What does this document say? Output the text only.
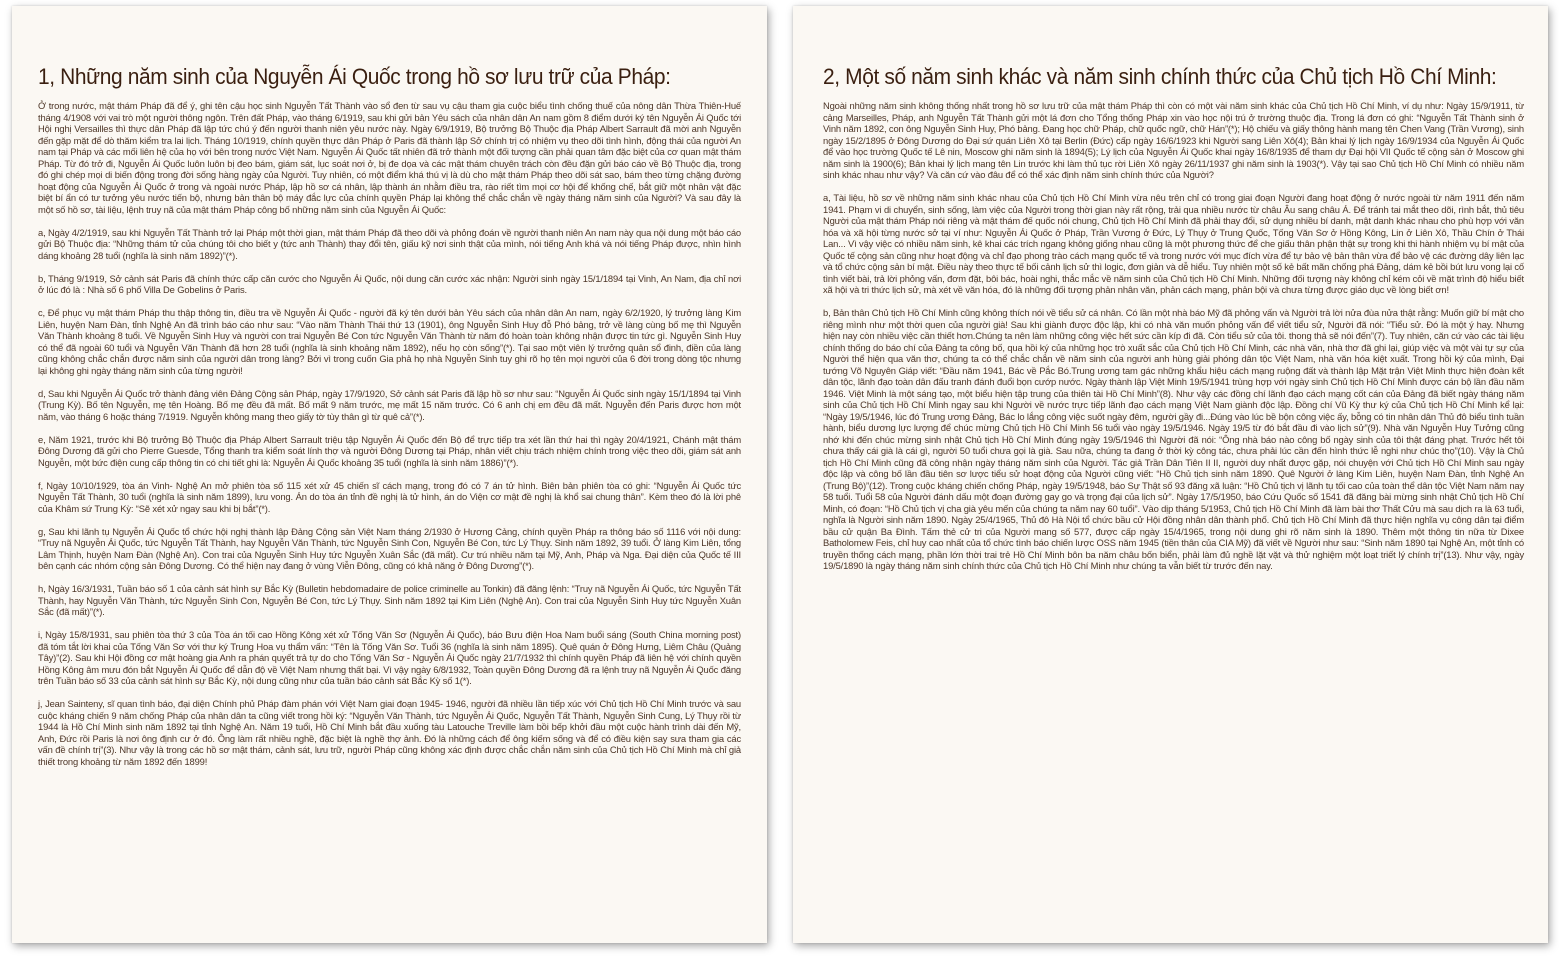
1, Những năm sinh của Nguyễn Ái Quốc trong hồ sơ lưu trữ của Pháp:

Ở trong nước, mật thám Pháp đã để ý, ghi tên cậu học sinh Nguyễn Tất Thành vào sổ đen từ sau vụ cậu tham gia cuộc biểu tình chống thuế của nông dân Thừa Thiên-Huế tháng 4/1908 với vai trò một người thông ngôn. Trên đất Pháp, vào tháng 6/1919, sau khi gửi bản Yêu sách của nhân dân An nam gồm 8 điểm dưới ký tên Nguyễn Ái Quốc tới Hội nghị Versailles thì thực dân Pháp đã lập tức chú ý đến người thanh niên yêu nước này. Ngày 6/9/1919, Bộ trưởng Bộ Thuộc địa Pháp Albert Sarrault đã mời anh Nguyễn đến gặp mặt để dò thăm kiểm tra lai lịch. Tháng 10/1919, chính quyền thực dân Pháp ở Paris đã thành lập Sở chính trị có nhiệm vụ theo dõi tình hình, động thái của người An nam tại Pháp và các mối liên hệ của họ với bên trong nước Việt Nam. Nguyễn Ái Quốc tất nhiên đã trở thành một đối tượng cần phải quan tâm đặc biệt của cơ quan mật thám Pháp. Từ đó trở đi, Nguyễn Ái Quốc luôn luôn bị đeo bám, giám sát, lục soát nơi ở, bị đe dọa và các mật thám chuyên trách còn đều đặn gửi báo cáo về Bộ Thuộc địa, trong đó ghi chép mọi di biến động trong đời sống hàng ngày của Người. Tuy nhiên, có một điểm khá thú vị là dù cho mật thám Pháp theo dõi sát sao, bám theo từng chặng đường hoạt động của Nguyễn Ái Quốc ở trong và ngoài nước Pháp, lập hồ sơ cá nhân, lập thành án nhằm điều tra, rào riết tìm mọi cơ hội để khống chế, bắt giữ một nhân vật đặc biệt bí ẩn có tư tưởng yêu nước tiến bộ, nhưng bản thân bộ máy đắc lực của chính quyền Pháp lại không thể chắc chắn về ngày tháng năm sinh của Người? Và sau đây là một số hồ sơ, tài liệu, lệnh truy nã của mật thám Pháp công bố những năm sinh của Nguyễn Ái Quốc:

a, Ngày 4/2/1919, sau khi Nguyễn Tất Thành trở lại Pháp một thời gian, mật thám Pháp đã theo dõi và phỏng đoán về người thanh niên An nam này qua nội dung một báo cáo gửi Bộ Thuộc địa: “Những thám tử của chúng tôi cho biết y (tức anh Thành) thay đổi tên, giấu kỹ nơi sinh thật của mình, nói tiếng Anh khá và nói tiếng Pháp được, nhìn hình dáng khoảng 28 tuổi (nghĩa là sinh năm 1892)”(*).

b, Tháng 9/1919, Sở cảnh sát Paris đã chính thức cấp căn cước cho Nguyễn Ái Quốc, nội dung căn cước xác nhận: Người sinh ngày 15/1/1894 tại Vinh, An Nam, địa chỉ nơi ở lúc đó là : Nhà số 6 phố Villa De Gobelins ở Paris.

c, Để phục vụ mật thám Pháp thu thập thông tin, điều tra về Nguyễn Ái Quốc - người đã ký tên dưới bản Yêu sách của nhân dân An nam, ngày 6/2/1920, lý trưởng làng Kim Liên, huyện Nam Đàn, tỉnh Nghệ An đã trình báo cáo như sau: “Vào năm Thành Thái thứ 13 (1901), ông Nguyễn Sinh Huy đỗ Phó bảng, trở về làng cùng bố mẹ thì Nguyễn Văn Thành khoảng 8 tuổi. Về Nguyễn Sinh Huy và người con trai Nguyễn Bé Con tức Nguyễn Văn Thành từ năm đó hoàn toàn không nhận được tin tức gì. Nguyễn Sinh Huy có thể đã ngoài 60 tuổi và Nguyễn Văn Thành đã hơn 28 tuổi (nghĩa là sinh khoảng năm 1892), nếu họ còn sống”(*). Tại sao một viên lý trưởng quản sổ đinh, điền của làng cũng không chắc chắn được năm sinh của người dân trong làng? Bởi vì trong cuốn Gia phả họ nhà Nguyễn Sinh tuy ghi rõ họ tên mọi người của 6 đời trong dòng tộc nhưng lại không ghi ngày tháng năm sinh của từng người!

d, Sau khi Nguyễn Ái Quốc trở thành đảng viên Đảng Cộng sản Pháp, ngày 17/9/1920, Sở cảnh sát Paris đã lập hồ sơ như sau: “Nguyễn Ái Quốc sinh ngày 15/1/1894 tại Vinh (Trung Kỳ). Bố tên Nguyễn, mẹ tên Hoàng. Bố mẹ đều đã mất. Bố mất 9 năm trước, mẹ mất 15 năm trước. Có 6 anh chị em đều đã mất. Nguyễn đến Paris được hơn một năm, vào tháng 6 hoặc tháng 7/1919. Nguyễn không mang theo giấy tờ tùy thân gì từ quê cả”(*).

e, Năm 1921, trước khi Bộ trưởng Bộ Thuộc địa Pháp Albert Sarrault triệu tập Nguyễn Ái Quốc đến Bộ để trực tiếp tra xét lần thứ hai thì ngày 20/4/1921, Chánh mật thám Đông Dương đã gửi cho Pierre Guesde, Tổng thanh tra kiểm soát lính thợ và người Đông Dương tại Pháp, nhân viết chịu trách nhiệm chính trong việc theo dõi, giám sát anh Nguyễn, một bức điện cung cấp thông tin có chi tiết ghi là: Nguyễn Ái Quốc khoảng 35 tuổi (nghĩa là sinh năm 1886)”(*).

f, Ngày 10/10/1929, tòa án Vinh- Nghệ An mở phiên tòa số 115 xét xử 45 chiến sĩ cách mạng, trong đó có 7 án tử hình. Biên bản phiên tòa có ghi: “Nguyễn Ái Quốc tức Nguyễn Tất Thành, 30 tuổi (nghĩa là sinh năm 1899), lưu vong. Án do tòa án tỉnh đề nghị là tử hình, án do Viện cơ mật đề nghị là khổ sai chung thân”. Kèm theo đó là lời phê của Khâm sứ Trung Kỳ: “Sẽ xét xử ngay sau khi bị bắt”(*).

g, Sau khi lãnh tụ Nguyễn Ái Quốc tổ chức hội nghị thành lập Đảng Cộng sản Việt Nam tháng 2/1930 ở Hương Cảng, chính quyền Pháp ra thông báo số 1116 với nội dung: “Truy nã Nguyễn Ái Quốc, tức Nguyễn Tất Thành, hay Nguyễn Văn Thành, tức Nguyễn Sinh Con, Nguyễn Bé Con, tức Lý Thụy. Sinh năm 1892, 39 tuổi. Ở làng Kim Liên, tổng Lâm Thịnh, huyện Nam Đàn (Nghệ An). Con trai của Nguyễn Sinh Huy tức Nguyễn Xuân Sắc (đã mất). Cư trú nhiều năm tại Mỹ, Anh, Pháp và Nga. Đại diện của Quốc tế III bên cạnh các nhóm cộng sản Đông Dương. Có thể hiện nay đang ở vùng Viễn Đông, cũng có khả năng ở Đông Dương”(*).

h, Ngày 16/3/1931, Tuần báo số 1 của cảnh sát hình sự Bắc Kỳ (Bulletin hebdomadaire de police criminelle au Tonkin) đã đăng lệnh: “Truy nã Nguyễn Ái Quốc, tức Nguyễn Tất Thành, hay Nguyễn Văn Thành, tức Nguyễn Sinh Con, Nguyễn Bé Con, tức Lý Thụy. Sinh năm 1892 tại Kim Liên (Nghệ An). Con trai của Nguyễn Sinh Huy tức Nguyễn Xuân Sắc (đã mất)”(*).

i, Ngày 15/8/1931, sau phiên tòa thứ 3 của Tòa án tối cao Hồng Kông xét xử Tống Văn Sơ (Nguyễn Ái Quốc), báo Bưu điện Hoa Nam buổi sáng (South China morning post) đã tóm tắt lời khai của Tống Văn Sơ với thư ký Trung Hoa vụ thẩm vấn: “Tên là Tống Văn Sơ. Tuổi 36 (nghĩa là sinh năm 1895). Quê quán ở Đông Hưng, Liêm Châu (Quảng Tây)”(2). Sau khi Hội đồng cơ mật hoàng gia Anh ra phán quyết trả tự do cho Tống Văn Sơ - Nguyễn Ái Quốc ngày 21/7/1932 thì chính quyền Pháp đã liên hệ với chính quyền Hồng Kông âm mưu đón bắt Nguyễn Ái Quốc để dẫn độ về Việt Nam nhưng thất bại. Vì vậy ngày 6/8/1932, Toàn quyền Đông Dương đã ra lệnh truy nã Nguyễn Ái Quốc đăng trên Tuần báo số 33 của cảnh sát hình sự Bắc Kỳ, nội dung cũng như của tuần báo cảnh sát Bắc Kỳ số 1(*).

j, Jean Sainteny, sĩ quan tình báo, đại diện Chính phủ Pháp đàm phán với Việt Nam giai đoạn 1945- 1946, người đã nhiều lần tiếp xúc với Chủ tịch Hồ Chí Minh trước và sau cuộc kháng chiến 9 năm chống Pháp của nhân dân ta cũng viết trong hồi ký: “Nguyễn Văn Thành, tức Nguyễn Ái Quốc, Nguyễn Tất Thành, Nguyễn Sinh Cung, Lý Thụy rồi từ 1944 là Hồ Chí Minh sinh năm 1892 tại tỉnh Nghệ An. Năm 19 tuổi, Hồ Chí Minh bắt đầu xuống tàu Latouche Treville làm bồi bếp khởi đầu một cuộc hành trình dài đến Mỹ, Anh, Đức rồi Paris là nơi ông định cư ở đó. Ông làm rất nhiều nghề, đặc biệt là nghề thợ ảnh. Đó là những cách để ông kiếm sống và để có điều kiện say sưa tham gia các vấn đề chính trị”(3). Như vậy là trong các hồ sơ mật thám, cảnh sát, lưu trữ, người Pháp cũng không xác định được chắc chắn năm sinh của Chủ tịch Hồ Chí Minh mà chỉ giả thiết trong khoảng từ năm 1892 đến 1899!

2, Một số năm sinh khác và năm sinh chính thức của Chủ tịch Hồ Chí Minh:

Ngoài những năm sinh không thống nhất trong hồ sơ lưu trữ của mật thám Pháp thì còn có một vài năm sinh khác của Chủ tịch Hồ Chí Minh, ví dụ như: Ngày 15/9/1911, từ cảng Marseilles, Pháp, anh Nguyễn Tất Thành gửi một lá đơn cho Tổng thống Pháp xin vào học nội trú ở trường thuộc địa. Trong lá đơn có ghi: “Nguyễn Tất Thành sinh ở Vinh năm 1892, con ông Nguyễn Sinh Huy, Phó bảng. Đang học chữ Pháp, chữ quốc ngữ, chữ Hán”(*); Hộ chiếu và giấy thông hành mang tên Chen Vang (Trần Vương), sinh ngày 15/2/1895 ở Đông Dương do Đại sứ quán Liên Xô tại Berlin (Đức) cấp ngày 16/6/1923 khi Người sang Liên Xô(4); Bản khai lý lịch ngày 16/9/1934 của Nguyễn Ái Quốc để vào học trường Quốc tế Lê nin, Moscow ghi năm sinh là 1894(5); Lý lịch của Nguyễn Ái Quốc khai ngày 16/8/1935 để tham dự Đại hội VII Quốc tế cộng sản ở Moscow ghi năm sinh là 1900(6); Bản khai lý lịch mang tên Lin trước khi làm thủ tục rời Liên Xô ngày 26/11/1937 ghi năm sinh là 1903(*). Vậy tại sao Chủ tịch Hồ Chí Minh có nhiều năm sinh khác nhau như vậy? Và căn cứ vào đâu để có thể xác định năm sinh chính thức của Người?

a, Tài liệu, hồ sơ về những năm sinh khác nhau của Chủ tịch Hồ Chí Minh vừa nêu trên chỉ có trong giai đoạn Người đang hoạt động ở nước ngoài từ năm 1911 đến năm 1941. Phạm vi di chuyển, sinh sống, làm việc của Người trong thời gian này rất rộng, trải qua nhiều nước từ châu Âu sang châu Á. Để tránh tai mắt theo dõi, rình bắt, thủ tiêu Người của mật thám Pháp nói riêng và mật thám đế quốc nói chung, Chủ tịch Hồ Chí Minh đã phải thay đổi, sử dụng nhiều bí danh, mật danh khác nhau cho phù hợp với văn hóa và xã hội từng nước sở tại ví như: Nguyễn Ái Quốc ở Pháp, Trần Vương ở Đức, Lý Thụy ở Trung Quốc, Tống Văn Sơ ở Hồng Kông, Lin ở Liên Xô, Thầu Chín ở Thái Lan... Vì vậy việc có nhiều năm sinh, kê khai các trích ngang không giống nhau cũng là một phương thức để che giấu thân phận thật sự trong khi thi hành nhiệm vụ bí mật của Quốc tế cộng sản cũng như hoạt động và chỉ đạo phong trào cách mạng quốc tế và trong nước với mục đích vừa để tự bảo vệ bản thân vừa để bảo vệ các đường dây liên lạc và tổ chức cộng sản bí mật. Điều này theo thực tế bối cảnh lịch sử thì logic, đơn giản và dễ hiểu. Tuy nhiên một số kẻ bất mãn chống phá Đảng, dám kẻ bồi bút lưu vong lại cố tình viết bài, trả lời phỏng vấn, đơm đặt, bôi bác, hoài nghi, thắc mắc về năm sinh của Chủ tịch Hồ Chí Minh. Những đối tượng này không chỉ kém cỏi về mặt trình độ hiểu biết xã hội và tri thức lịch sử, mà xét về văn hóa, đó là những đối tượng phản nhân văn, phản cách mạng, phản bội và chưa từng được giáo dục về lòng biết ơn!

b, Bản thân Chủ tịch Hồ Chí Minh cũng không thích nói về tiểu sử cá nhân. Có lần một nhà báo Mỹ đã phỏng vấn và Người trả lời nửa đùa nửa thật rằng: Muốn giữ bí mật cho riêng mình như một thời quen của người già! Sau khi giành được độc lập, khi có nhà văn muốn phỏng vấn để viết tiểu sử, Người đã nói: “Tiểu sử. Đó là một ý hay. Nhưng hiện nay còn nhiều việc cần thiết hơn.Chúng ta nên làm những công việc hết sức cần kíp đi đã. Còn tiểu sử của tôi. thong thả sẽ nói đến”(7). Tuy nhiên, căn cứ vào các tài liệu chính thống do báo chí của Đảng ta công bố, qua hồi ký của những học trò xuất sắc của Chủ tịch Hồ Chí Minh, các nhà văn, nhà thơ đã ghi lại, giúp việc và một vài tự sự của Người thể hiện qua văn thơ, chúng ta có thể chắc chắn về năm sinh của người anh hùng giải phóng dân tộc Việt Nam, nhà văn hóa kiệt xuất. Trong hồi ký của mình, Đại tướng Võ Nguyên Giáp viết: “Đầu năm 1941, Bác về Pắc Bó.Trung ương tam gác những khẩu hiệu cách mạng ruộng đất và thành lập Mặt trận Việt Minh thực hiện đoàn kết dân tộc, lãnh đạo toàn dân đấu tranh đánh đuổi bọn cướp nước. Ngày thành lập Việt Minh 19/5/1941 trùng hợp với ngày sinh Chủ tịch Hồ Chí Minh được cán bộ lần đầu năm 1946. Việt Minh là một sáng tạo, một biểu hiện tập trung của thiên tài Hồ Chí Minh”(8). Như vậy các đồng chí lãnh đạo cách mạng cốt cán của Đảng đã biết ngày tháng năm sinh của Chủ tịch Hồ Chí Minh ngay sau khi Người về nước trực tiếp lãnh đạo cách mạng Việt Nam giành độc lập. Đồng chí Vũ Kỳ thư ký của Chủ tịch Hồ Chí Minh kể lại: “Ngày 19/5/1946, lúc đó Trung ương Đảng, Bác lo lắng công việc suốt ngày đêm, người gầy đi...Đúng vào lúc bề bộn công việc ấy, bỗng có tin nhân dân Thủ đô biểu tình tuần hành, biểu dương lực lượng để chúc mừng Chủ tịch Hồ Chí Minh 56 tuổi vào ngày 19/5/1946. Ngày 19/5 từ đó bắt đầu đi vào lịch sử”(9). Nhà văn Nguyễn Huy Tưởng cũng nhớ khi đến chúc mừng sinh nhật Chủ tịch Hồ Chí Minh đúng ngày 19/5/1946 thì Người đã nói: “Ông nhà báo nào công bố ngày sinh của tôi thật đáng phạt. Trước hết tôi chưa thấy cái già là cái gì, người 50 tuổi chưa gọi là già. Sau nữa, chúng ta đang ở thời kỳ công tác, chưa phải lúc cần đến hình thức lễ nghi như chúc thọ”(10). Vậy là Chủ tịch Hồ Chí Minh cũng đã công nhận ngày tháng năm sinh của Người. Tác giả Trần Dân Tiên II II, người duy nhất được gặp, nói chuyện với Chủ tịch Hồ Chí Minh sau ngày độc lập và công bố lần đầu tiên sơ lược tiểu sử hoạt động của Người cũng viết: “Hồ Chủ tịch sinh năm 1890. Quê Người ở làng Kim Liên, huyện Nam Đàn, tỉnh Nghệ An (Trung Bộ)”(12). Trong cuộc kháng chiến chống Pháp, ngày 19/5/1948, báo Sự Thật số 93 đăng xã luận: “Hồ Chủ tịch vị lãnh tụ tối cao của toàn thể dân tộc Việt Nam năm nay 58 tuổi. Tuổi 58 của Người đánh dấu một đoạn đường gay go và trọng đại của lịch sử”. Ngày 17/5/1950, báo Cứu Quốc số 1541 đã đăng bài mừng sinh nhật Chủ tịch Hồ Chí Minh, có đoạn: “Hồ Chủ tịch vị cha già yêu mến của chúng ta năm nay 60 tuổi”. Vào dịp tháng 5/1953, Chủ tịch Hồ Chí Minh đã làm bài thơ Thất Cửu mà sau dịch ra là 63 tuổi, nghĩa là Người sinh năm 1890. Ngày 25/4/1965, Thủ đô Hà Nội tổ chức bầu cử Hội đồng nhân dân thành phố. Chủ tịch Hồ Chí Minh đã thực hiện nghĩa vụ công dân tại điểm bầu cử quận Ba Đình. Tấm thẻ cử tri của Người mang số 577, được cấp ngày 15/4/1965, trong nội dung ghi rõ năm sinh là 1890. Thêm một thông tin nữa từ Dixee Batholomew Feis, chỉ huy cao nhất của tổ chức tình báo chiến lược OSS năm 1945 (tiền thân của CIA Mỹ) đã viết về Người như sau: “Sinh năm 1890 tại Nghệ An, một tỉnh có truyền thống cách mạng, phần lớn thời trai trẻ Hồ Chí Minh bôn ba năm châu bốn biển, phải làm đủ nghề lặt vặt và thử nghiệm một loạt triết lý chính trị”(13). Như vậy, ngày 19/5/1890 là ngày tháng năm sinh chính thức của Chủ tịch Hồ Chí Minh như chúng ta vẫn biết từ trước đến nay.
